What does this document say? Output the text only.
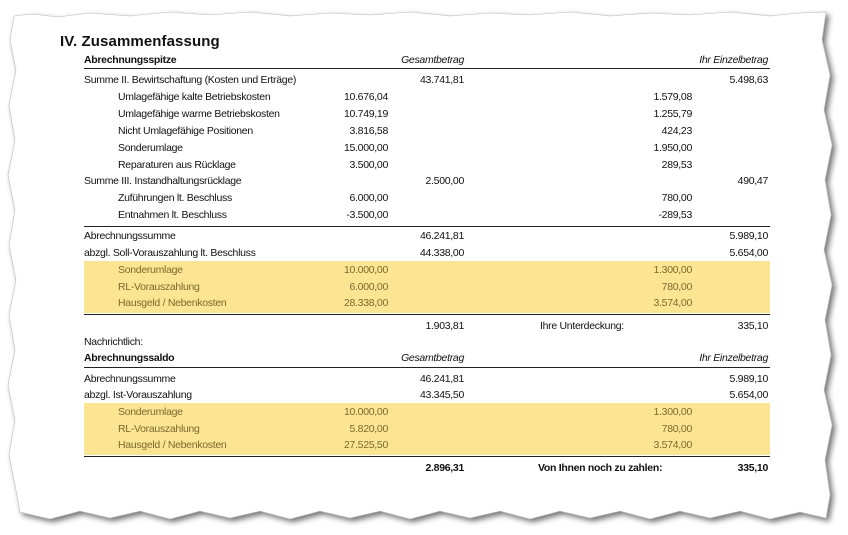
IV. Zusammenfassung
Abrechnungsspitze	Gesamtbetrag	Ihr Einzelbetrag
Summe II. Bewirtschaftung (Kosten und Erträge)	43.741,81	5.498,63
Umlagefähige kalte Betriebskosten	10.676,04	1.579,08
Umlagefähige warme Betriebskosten	10.749,19	1.255,79
Nicht Umlagefähige Positionen	3.816,58	424,23
Sonderumlage	15.000,00	1.950,00
Reparaturen aus Rücklage	3.500,00	289,53
Summe III. Instandhaltungsrücklage	2.500,00	490,47
Zuführungen lt. Beschluss	6.000,00	780,00
Entnahmen lt. Beschluss	-3.500,00	-289,53
Abrechnungssumme	46.241,81	5.989,10
abzgl. Soll-Vorauszahlung lt. Beschluss	44.338,00	5.654,00
Sonderumlage	10.000,00	1.300,00
RL-Vorauszahlung	6.000,00	780,00
Hausgeld / Nebenkosten	28.338,00	3.574,00
1.903,81	Ihre Unterdeckung:	335,10
Nachrichtlich:
Abrechnungssaldo	Gesamtbetrag	Ihr Einzelbetrag
Abrechnungssumme	46.241,81	5.989,10
abzgl. Ist-Vorauszahlung	43.345,50	5.654,00
Sonderumlage	10.000,00	1.300,00
RL-Vorauszahlung	5.820,00	780,00
Hausgeld / Nebenkosten	27.525,50	3.574,00
2.896,31	Von Ihnen noch zu zahlen:	335,10
